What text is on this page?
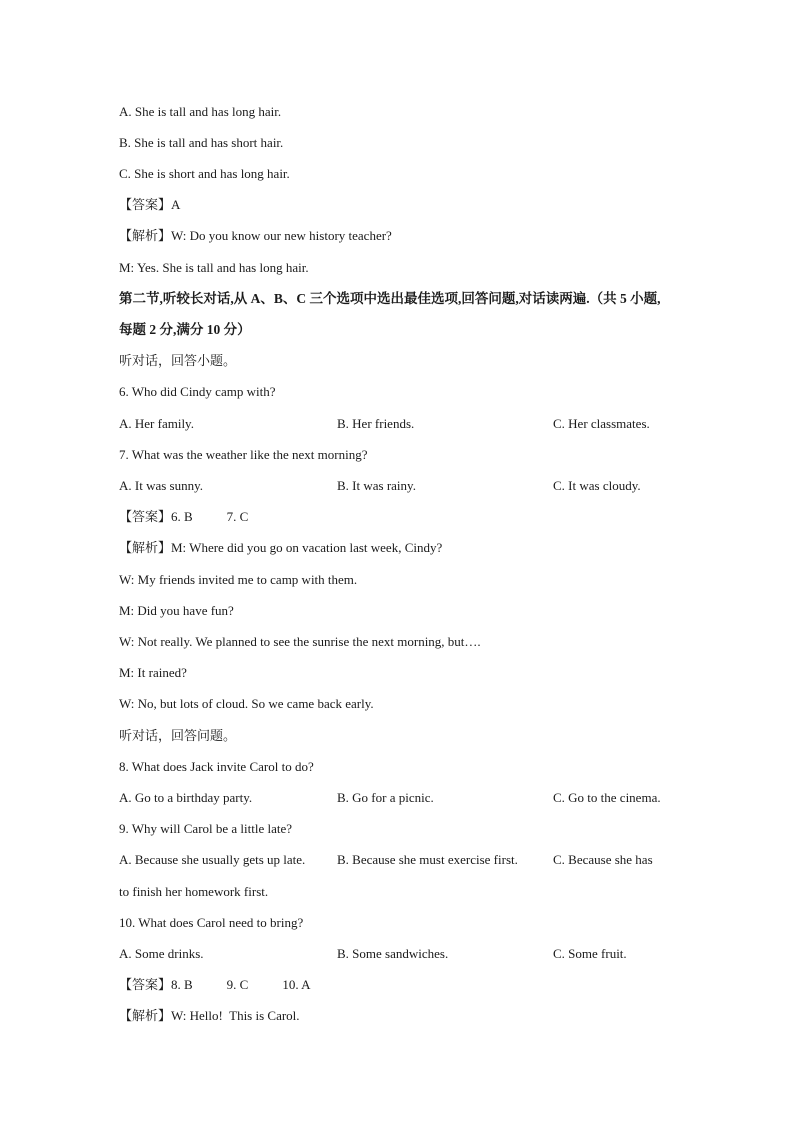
A. She is tall and has long hair.
B. She is tall and has short hair.
C. She is short and has long hair.
【答案】A
【解析】W: Do you know our new history teacher?
M: Yes. She is tall and has long hair.
第二节,听较长对话,从 A、B、C 三个选项中选出最佳选项,回答问题,对话读两遍.（共 5 小题,
每题 2 分,满分 10 分）
听对话，回答小题。
6. Who did Cindy camp with?
A. Her family.	B. Her friends.	C. Her classmates.
7. What was the weather like the next morning?
A. It was sunny.	B. It was rainy.	C. It was cloudy.
【答案】6. B	7. C
【解析】M: Where did you go on vacation last week, Cindy?
W: My friends invited me to camp with them.
M: Did you have fun?
W: Not really. We planned to see the sunrise the next morning, but….
M: It rained?
W: No, but lots of cloud. So we came back early.
听对话，回答问题。
8. What does Jack invite Carol to do?
A. Go to a birthday party.	B. Go for a picnic.	C. Go to the cinema.
9. Why will Carol be a little late?
A. Because she usually gets up late. B. Because she must exercise first.	C. Because she has
to finish her homework first.
10. What does Carol need to bring?
A. Some drinks.	B. Some sandwiches.	C. Some fruit.
【答案】8. B	9. C	10. A
【解析】W: Hello!  This is Carol.
